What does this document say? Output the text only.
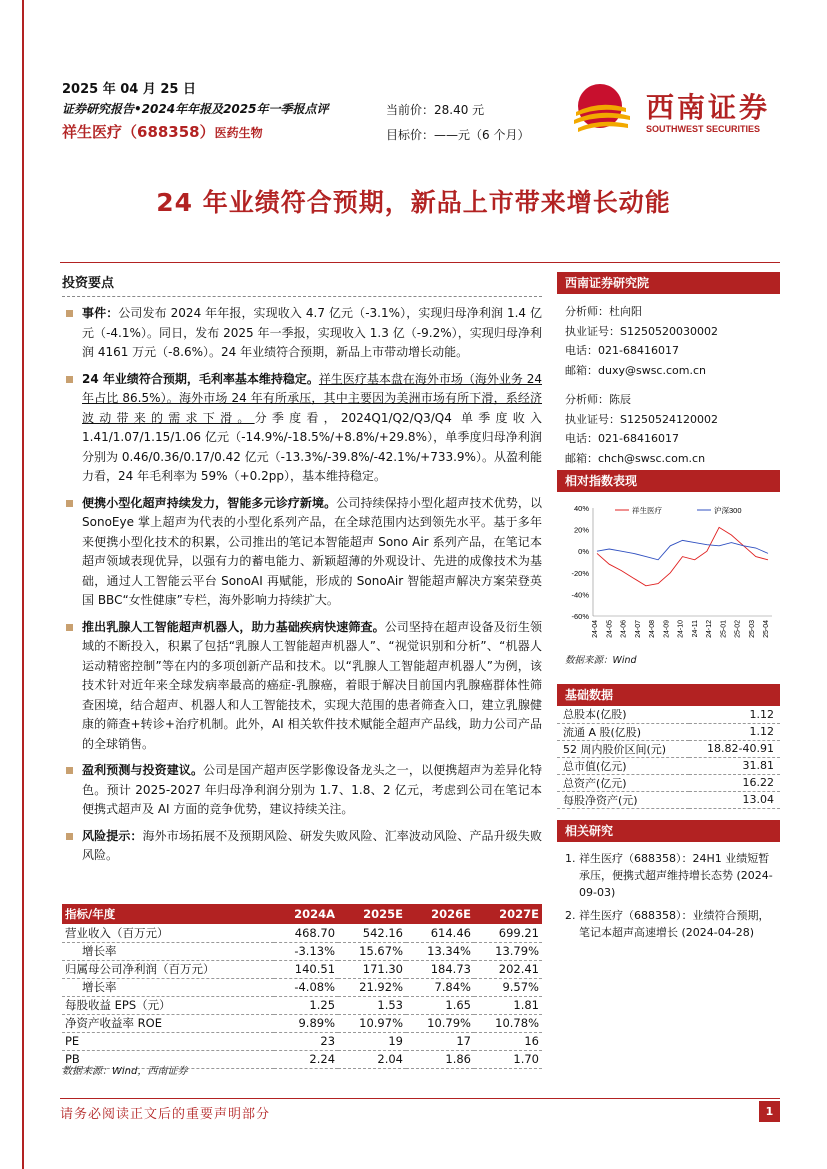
2025 年 04 月 25 日
证券研究报告•2024年年报及2025年一季报点评
祥生医疗（688358）医药生物
当前价：28.40 元
目标价：——元（6 个月）
西南证券
SOUTHWEST SECURITIES
24 年业绩符合预期，新品上市带来增长动能
投资要点
事件：公司发布 2024 年年报，实现收入 4.7 亿元（-3.1%），实现归母净利润 1.4 亿元（-4.1%）。同日，发布 2025 年一季报，实现收入 1.3 亿（-9.2%），实现归母净利润 4161 万元（-8.6%）。24 年业绩符合预期，新品上市带动增长动能。
24 年业绩符合预期，毛利率基本维持稳定。祥生医疗基本盘在海外市场（海外业务 24 年占比 86.5%）。海外市场 24 年有所承压，其中主要因为美洲市场有所下滑，系经济波动带来的需求下滑。分季度看，2024Q1/Q2/Q3/Q4 单季度收入 1.41/1.07/1.15/1.06 亿元（-14.9%/-18.5%/+8.8%/+29.8%），单季度归母净利润分别为 0.46/0.36/0.17/0.42 亿元（-13.3%/-39.8%/-42.1%/+733.9%）。从盈利能力看，24 年毛利率为 59%（+0.2pp），基本维持稳定。
便携小型化超声持续发力，智能多元诊疗新境。公司持续保持小型化超声技术优势，以 SonoEye 掌上超声为代表的小型化系列产品，在全球范围内达到领先水平。基于多年来便携小型化技术的积累，公司推出的笔记本智能超声 Sono Air 系列产品，在笔记本超声领域表现优异，以强有力的蓄电能力、新颖超薄的外观设计、先进的成像技术为基础，通过人工智能云平台 SonoAI 再赋能，形成的 SonoAir 智能超声解决方案荣登英国 BBC“女性健康”专栏，海外影响力持续扩大。
推出乳腺人工智能超声机器人，助力基础疾病快速筛查。公司坚持在超声设备及衍生领域的不断投入，积累了包括“乳腺人工智能超声机器人”、“视觉识别和分析”、“机器人运动精密控制”等在内的多项创新产品和技术。以“乳腺人工智能超声机器人”为例，该技术针对近年来全球发病率最高的癌症-乳腺癌，着眼于解决目前国内乳腺癌群体性筛查困境，结合超声、机器人和人工智能技术，实现大范围的患者筛查入口，建立乳腺健康的筛查+转诊+治疗机制。此外，AI 相关软件技术赋能全超声产品线，助力公司产品的全球销售。
盈利预测与投资建议。公司是国产超声医学影像设备龙头之一，以便携超声为差异化特色。预计 2025-2027 年归母净利润分别为 1.7、1.8、2 亿元，考虑到公司在笔记本便携式超声及 AI 方面的竞争优势，建议持续关注。
风险提示：海外市场拓展不及预期风险、研发失败风险、汇率波动风险、产品升级失败风险。
指标/年度	2024A	2025E	2026E	2027E
营业收入（百万元）	468.70	542.16	614.46	699.21
增长率	-3.13%	15.67%	13.34%	13.79%
归属母公司净利润（百万元）	140.51	171.30	184.73	202.41
增长率	-4.08%	21.92%	7.84%	9.57%
每股收益 EPS（元）	1.25	1.53	1.65	1.81
净资产收益率 ROE	9.89%	10.97%	10.79%	10.78%
PE	23	19	17	16
PB	2.24	2.04	1.86	1.70
数据来源：Wind，西南证券
西南证券研究院
分析师：杜向阳
执业证号：S1250520030002
电话：021-68416017
邮箱：duxy@swsc.com.cn
分析师：陈辰
执业证号：S1250524120002
电话：021-68416017
邮箱：chch@swsc.com.cn
相对指数表现
40%
20%
0%
-20%
-40%
-60%
24-04 24-05 24-06 24-07 24-08 24-09 24-10 24-11 24-12 25-01 25-02 25-03 25-04
祥生医疗	沪深300
数据来源：Wind
基础数据
总股本(亿股)	1.12
流通 A 股(亿股)	1.12
52 周内股价区间(元)	18.82-40.91
总市值(亿元)	31.81
总资产(亿元)	16.22
每股净资产(元)	13.04
相关研究
1. 祥生医疗（688358）：24H1 业绩短暂承压，便携式超声维持增长态势 (2024-09-03)
2. 祥生医疗（688358）：业绩符合预期，笔记本超声高速增长 (2024-04-28)
请务必阅读正文后的重要声明部分	1
